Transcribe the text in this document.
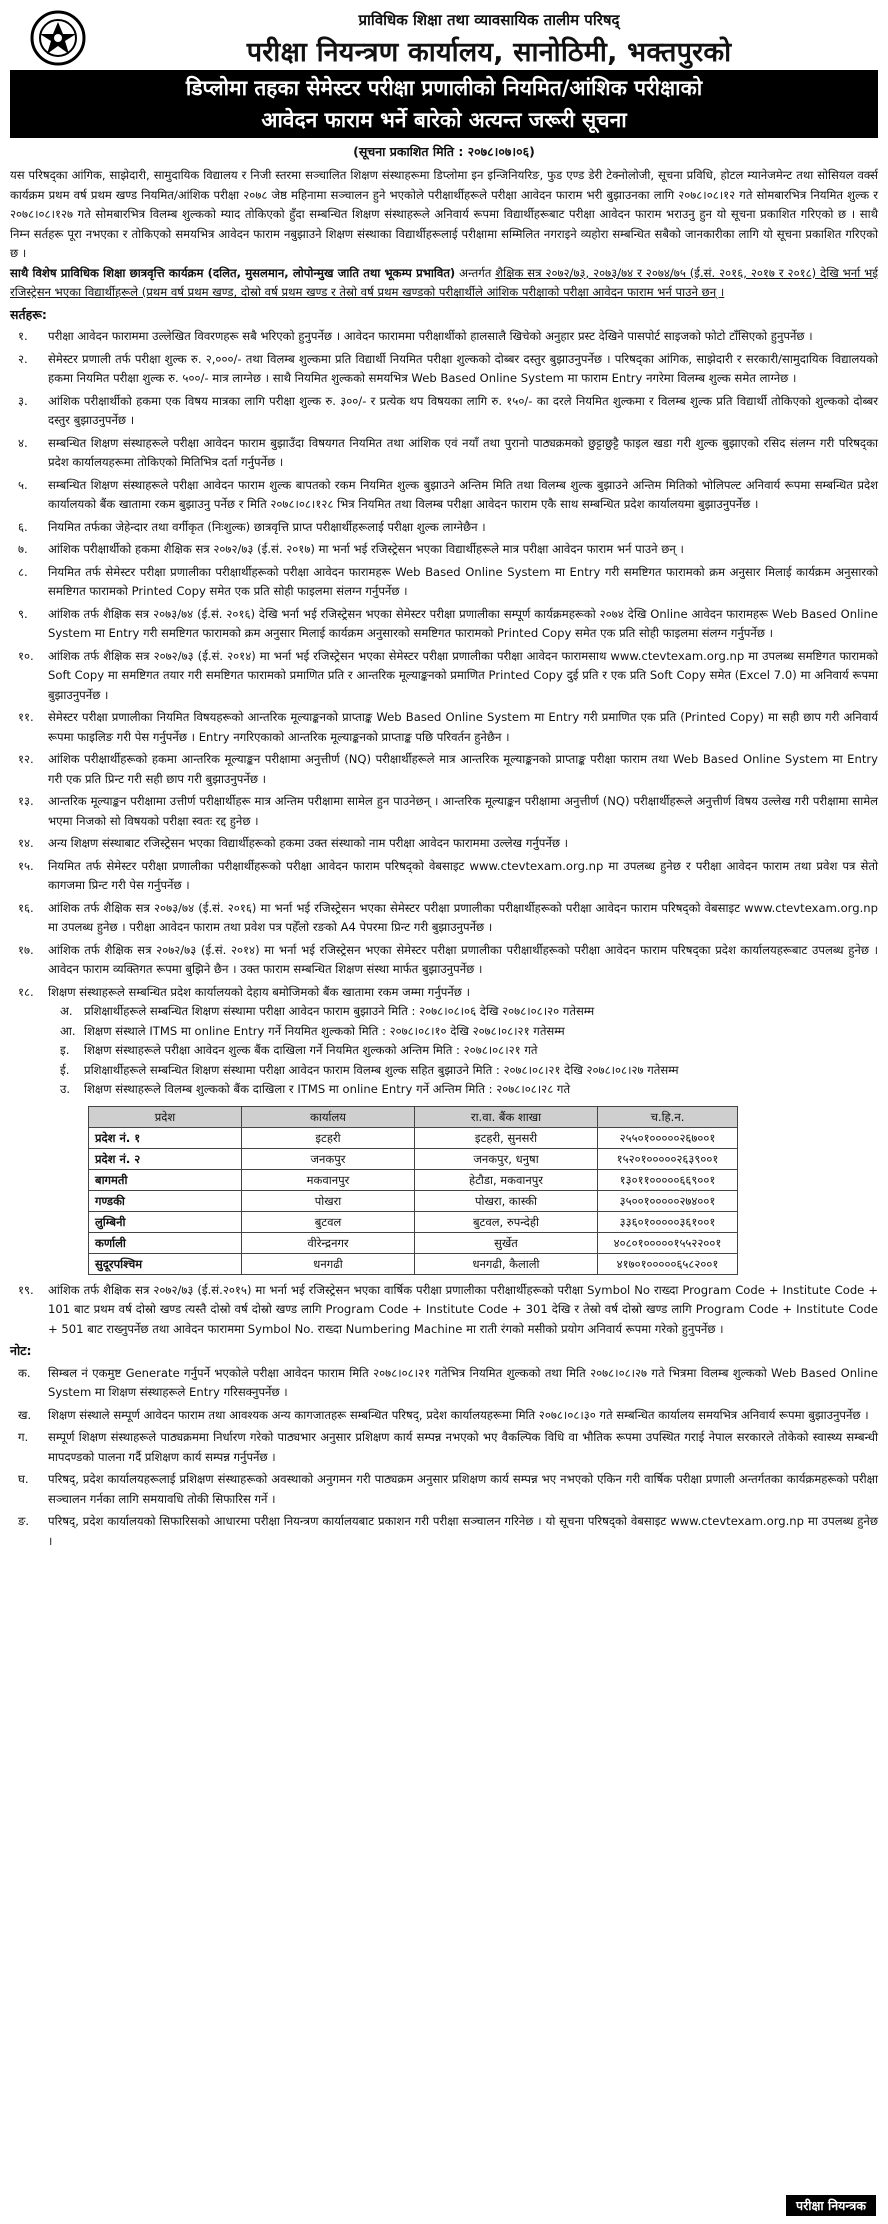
प्राविधिक शिक्षा तथा व्यावसायिक तालीम परिषद्
परीक्षा नियन्त्रण कार्यालय, सानोठिमी, भक्तपुरको
डिप्लोमा तहका सेमेस्टर परीक्षा प्रणालीको नियमित/आंशिक परीक्षाको
आवेदन फाराम भर्ने बारेको अत्यन्त जरूरी सूचना
(सूचना प्रकाशित मिति : २०७८।०७।०६)
यस परिषद्का आंगिक, साझेदारी, सामुदायिक विद्यालय र निजी स्तरमा सञ्चालित शिक्षण संस्थाहरूमा डिप्लोमा इन इन्जिनियरिङ, फुड एण्ड डेरी टेक्नोलोजी, सूचना प्रविधि, होटल म्यानेजमेन्ट तथा सोसियल वर्क्स कार्यक्रम प्रथम वर्ष प्रथम खण्ड नियमित/आंशिक परीक्षा २०७८ जेष्ठ महिनामा सञ्चालन हुने भएकोले परीक्षार्थीहरूले परीक्षा आवेदन फाराम भरी बुझाउनका लागि २०७८।०८।१२ गते सोमबारभित्र नियमित शुल्क र २०७८।०८।१२७ गते सोमबारभित्र विलम्ब शुल्कको म्याद तोकिएको हुँदा सम्बन्धित शिक्षण संस्थाहरूले अनिवार्य रूपमा विद्यार्थीहरूबाट परीक्षा आवेदन फाराम भराउनु हुन यो सूचना प्रकाशित गरिएको छ । साथै निम्न सर्तहरू पूरा नभएका र तोकिएको समयभित्र आवेदन फाराम नबुझाउने शिक्षण संस्थाका विद्यार्थीहरूलाई परीक्षामा सम्मिलित नगराइने व्यहोरा सम्बन्धित सबैको जानकारीका लागि यो सूचना प्रकाशित गरिएको छ ।
साथै विशेष प्राविधिक शिक्षा छात्रवृत्ति कार्यक्रम (दलित, मुसलमान, लोपोन्मुख जाति तथा भूकम्प प्रभावित) अन्तर्गत शैक्षिक सत्र २०७२/७३, २०७३/७४ र २०७४/७५ (ई.सं. २०१६, २०१७ र २०१८) देखि भर्ना भई रजिस्ट्रेसन भएका विद्यार्थीहरूले (प्रथम वर्ष प्रथम खण्ड, दोस्रो वर्ष प्रथम खण्ड र तेस्रो वर्ष प्रथम खण्डको परीक्षार्थीले आंशिक परीक्षाको परीक्षा आवेदन फाराम भर्न पाउने छन् ।
सर्तहरू:
१.	परीक्षा आवेदन फाराममा उल्लेखित विवरणहरू सबै भरिएको हुनुपर्नेछ । आवेदन फाराममा परीक्षार्थीको हालसालै खिचेको अनुहार प्रस्ट देखिने पासपोर्ट साइजको फोटो टाँसिएको हुनुपर्नेछ ।
२.	सेमेस्टर प्रणाली तर्फ परीक्षा शुल्क रु. २,०००/- तथा विलम्ब शुल्कमा प्रति विद्यार्थी नियमित परीक्षा शुल्कको दोब्बर दस्तुर बुझाउनुपर्नेछ । परिषद्का आंगिक, साझेदारी र सरकारी/सामुदायिक विद्यालयको हकमा नियमित परीक्षा शुल्क रु. ५००/- मात्र लाग्नेछ । साथै नियमित शुल्कको समयभित्र Web Based Online System मा फाराम Entry नगरेमा विलम्ब शुल्क समेत लाग्नेछ ।
३.	आंशिक परीक्षार्थीको हकमा एक विषय मात्रका लागि परीक्षा शुल्क रु. ३००/- र प्रत्येक थप विषयका लागि रु. १५०/- का दरले नियमित शुल्कमा र विलम्ब शुल्क प्रति विद्यार्थी तोकिएको शुल्कको दोब्बर दस्तुर बुझाउनुपर्नेछ ।
४.	सम्बन्धित शिक्षण संस्थाहरूले परीक्षा आवेदन फाराम बुझाउँदा विषयगत नियमित तथा आंशिक एवं नयाँ तथा पुरानो पाठ्यक्रमको छुट्टाछुट्टै फाइल खडा गरी शुल्क बुझाएको रसिद संलग्न गरी परिषद्का प्रदेश कार्यालयहरूमा तोकिएको मितिभित्र दर्ता गर्नुपर्नेछ ।
५.	सम्बन्धित शिक्षण संस्थाहरूले परीक्षा आवेदन फाराम शुल्क बापतको रकम नियमित शुल्क बुझाउने अन्तिम मिति तथा विलम्ब शुल्क बुझाउने अन्तिम मितिको भोलिपल्ट अनिवार्य रूपमा सम्बन्धित प्रदेश कार्यालयको बैंक खातामा रकम बुझाउनु पर्नेछ र मिति २०७८।०८।१२८ भित्र नियमित तथा विलम्ब परीक्षा आवेदन फाराम एकै साथ सम्बन्धित प्रदेश कार्यालयमा बुझाउनुपर्नेछ ।
६.	नियमित तर्फका जेहेन्दार तथा वर्गीकृत (निःशुल्क) छात्रवृत्ति प्राप्त परीक्षार्थीहरूलाई परीक्षा शुल्क लाग्नेछैन ।
७.	आंशिक परीक्षार्थीको हकमा शैक्षिक सत्र २०७२/७३ (ई.सं. २०१७) मा भर्ना भई रजिस्ट्रेसन भएका विद्यार्थीहरूले मात्र परीक्षा आवेदन फाराम भर्न पाउने छन् ।
८.	नियमित तर्फ सेमेस्टर परीक्षा प्रणालीका परीक्षार्थीहरूको परीक्षा आवेदन फारामहरू Web Based Online System मा Entry गरी समष्टिगत फारामको क्रम अनुसार मिलाई कार्यक्रम अनुसारको समष्टिगत फारामको Printed Copy समेत एक प्रति सोही फाइलमा संलग्न गर्नुपर्नेछ ।
९.	आंशिक तर्फ शैक्षिक सत्र २०७३/७४ (ई.सं. २०१६) देखि भर्ना भई रजिस्ट्रेसन भएका सेमेस्टर परीक्षा प्रणालीका सम्पूर्ण कार्यक्रमहरूको २०७४ देखि Online आवेदन फारामहरू Web Based Online System मा Entry गरी समष्टिगत फारामको क्रम अनुसार मिलाई कार्यक्रम अनुसारको समष्टिगत फारामको Printed Copy समेत एक प्रति सोही फाइलमा संलग्न गर्नुपर्नेछ ।
१०.	आंशिक तर्फ शैक्षिक सत्र २०७२/७३ (ई.सं. २०१४) मा भर्ना भई रजिस्ट्रेसन भएका सेमेस्टर परीक्षा प्रणालीका परीक्षा आवेदन फारामसाथ www.ctevtexam.org.np मा उपलब्ध समष्टिगत फारामको Soft Copy मा समष्टिगत तयार गरी समष्टिगत फारामको प्रमाणित प्रति र आन्तरिक मूल्याङ्कनको प्रमाणित Printed Copy दुई प्रति र एक प्रति Soft Copy समेत (Excel 7.0) मा अनिवार्य रूपमा बुझाउनुपर्नेछ ।
११.	सेमेस्टर परीक्षा प्रणालीका नियमित विषयहरूको आन्तरिक मूल्याङ्कनको प्राप्ताङ्क Web Based Online System मा Entry गरी प्रमाणित एक प्रति (Printed Copy) मा सही छाप गरी अनिवार्य रूपमा फाइलिङ गरी पेस गर्नुपर्नेछ । Entry नगरिएकाको आन्तरिक मूल्याङ्कनको प्राप्ताङ्क पछि परिवर्तन हुनेछैन ।
१२.	आंशिक परीक्षार्थीहरूको हकमा आन्तरिक मूल्याङ्कन परीक्षामा अनुत्तीर्ण (NQ) परीक्षार्थीहरूले मात्र आन्तरिक मूल्याङ्कनको प्राप्ताङ्क परीक्षा फाराम तथा Web Based Online System मा Entry गरी एक प्रति प्रिन्ट गरी सही छाप गरी बुझाउनुपर्नेछ ।
१३.	आन्तरिक मूल्याङ्कन परीक्षामा उत्तीर्ण परीक्षार्थीहरू मात्र अन्तिम परीक्षामा सामेल हुन पाउनेछन् । आन्तरिक मूल्याङ्कन परीक्षामा अनुत्तीर्ण (NQ) परीक्षार्थीहरूले अनुत्तीर्ण विषय उल्लेख गरी परीक्षामा सामेल भएमा निजको सो विषयको परीक्षा स्वतः रद्द हुनेछ ।
१४.	अन्य शिक्षण संस्थाबाट रजिस्ट्रेसन भएका विद्यार्थीहरूको हकमा उक्त संस्थाको नाम परीक्षा आवेदन फाराममा उल्लेख गर्नुपर्नेछ ।
१५.	नियमित तर्फ सेमेस्टर परीक्षा प्रणालीका परीक्षार्थीहरूको परीक्षा आवेदन फाराम परिषद्को वेबसाइट www.ctevtexam.org.np मा उपलब्ध हुनेछ र परीक्षा आवेदन फाराम तथा प्रवेश पत्र सेतो कागजमा प्रिन्ट गरी पेस गर्नुपर्नेछ ।
१६.	आंशिक तर्फ शैक्षिक सत्र २०७३/७४ (ई.सं. २०१६) मा भर्ना भई रजिस्ट्रेसन भएका सेमेस्टर परीक्षा प्रणालीका परीक्षार्थीहरूको परीक्षा आवेदन फाराम परिषद्को वेबसाइट www.ctevtexam.org.np मा उपलब्ध हुनेछ । परीक्षा आवेदन फाराम तथा प्रवेश पत्र पहेँलो रङको A4 पेपरमा प्रिन्ट गरी बुझाउनुपर्नेछ ।
१७.	आंशिक तर्फ शैक्षिक सत्र २०७२/७३ (ई.सं. २०१४) मा भर्ना भई रजिस्ट्रेसन भएका सेमेस्टर परीक्षा प्रणालीका परीक्षार्थीहरूको परीक्षा आवेदन फाराम परिषद्का प्रदेश कार्यालयहरूबाट उपलब्ध हुनेछ । आवेदन फाराम व्यक्तिगत रूपमा बुझिने छैन । उक्त फाराम सम्बन्धित शिक्षण संस्था मार्फत बुझाउनुपर्नेछ ।
१८.	शिक्षण संस्थाहरूले सम्बन्धित प्रदेश कार्यालयको देहाय बमोजिमको बैंक खातामा रकम जम्मा गर्नुपर्नेछ ।
अ. प्रशिक्षार्थीहरूले सम्बन्धित शिक्षण संस्थामा परीक्षा आवेदन फाराम बुझाउने मिति : २०७८।०८।०६ देखि २०७८।०८।२० गतेसम्म
आ. शिक्षण संस्थाले ITMS मा online Entry गर्ने नियमित शुल्कको मिति : २०७८।०८।१० देखि २०७८।०८।२१ गतेसम्म
इ.	शिक्षण संस्थाहरूले परीक्षा आवेदन शुल्क बैंक दाखिला गर्ने नियमित शुल्कको अन्तिम मिति : २०७८।०८।२१ गते
ई.	प्रशिक्षार्थीहरूले सम्बन्धित शिक्षण संस्थामा परीक्षा आवेदन फाराम विलम्ब शुल्क सहित बुझाउने मिति : २०७८।०८।२१ देखि २०७८।०८।२७ गतेसम्म
उ.	शिक्षण संस्थाहरूले विलम्ब शुल्कको बैंक दाखिला र ITMS मा online Entry गर्ने अन्तिम मिति : २०७८।०८।२८ गते
प्रदेश	कार्यालय	रा.वा. बैंक शाखा	च.हि.न.
प्रदेश नं. १	इटहरी	इटहरी, सुनसरी	२५५०१०००००२६७००१
प्रदेश नं. २	जनकपुर	जनकपुर, धनुषा	१५२०१०००००२६३९००१
बागमती	मकवानपुर	हेटौडा, मकवानपुर	१३०११०००००६६९००१
गण्डकी	पोखरा	पोखरा, कास्की	३५००१०००००२७४००१
लुम्बिनी	बुटवल	बुटवल, रुपन्देही	३३६०१०००००३६१००१
कर्णाली	वीरेन्द्रनगर	सुर्खेत	४०८०१०००००१५५२२००१
सुदूरपश्चिम	धनगढी	धनगढी, कैलाली	४१७०१०००००६५८२००१
१९.	आंशिक तर्फ शैक्षिक सत्र २०७२/७३ (ई.सं.२०१५) मा भर्ना भई रजिस्ट्रेसन भएका वार्षिक परीक्षा प्रणालीका परीक्षार्थीहरूको परीक्षा Symbol No राख्दा Program Code + Institute Code + 101 बाट प्रथम वर्ष दोस्रो खण्ड त्यस्तै दोस्रो वर्ष दोस्रो खण्ड लागि Program Code + Institute Code + 301 देखि र तेस्रो वर्ष दोस्रो खण्ड लागि Program Code + Institute Code + 501 बाट राख्नुपर्नेछ तथा आवेदन फाराममा Symbol No. राख्दा Numbering Machine मा राती रंगको मसीको प्रयोग अनिवार्य रूपमा गरेको हुनुपर्नेछ ।
नोट:
क.	सिम्बल नं एकमुष्ट Generate गर्नुपर्ने भएकोले परीक्षा आवेदन फाराम मिति २०७८।०८।२१ गतेभित्र नियमित शुल्कको तथा मिति २०७८।०८।२७ गते भित्रमा विलम्ब शुल्कको Web Based Online System मा शिक्षण संस्थाहरूले Entry गरिसक्नुपर्नेछ ।
ख.	शिक्षण संस्थाले सम्पूर्ण आवेदन फाराम तथा आवश्यक अन्य कागजातहरू सम्बन्धित परिषद्, प्रदेश कार्यालयहरूमा मिति २०७८।०८।३० गते सम्बन्धित कार्यालय समयभित्र अनिवार्य रूपमा बुझाउनुपर्नेछ ।
ग.	सम्पूर्ण शिक्षण संस्थाहरूले पाठ्यक्रममा निर्धारण गरेको पाठ्यभार अनुसार प्रशिक्षण कार्य सम्पन्न नभएको भए वैकल्पिक विधि वा भौतिक रूपमा उपस्थित गराई नेपाल सरकारले तोकेको स्वास्थ्य सम्बन्धी मापदण्डको पालना गर्दै प्रशिक्षण कार्य सम्पन्न गर्नुपर्नेछ ।
घ.	परिषद्, प्रदेश कार्यालयहरूलाई प्रशिक्षण संस्थाहरूको अवस्थाको अनुगमन गरी पाठ्यक्रम अनुसार प्रशिक्षण कार्य सम्पन्न भए नभएको एकिन गरी वार्षिक परीक्षा प्रणाली अन्तर्गतका कार्यक्रमहरूको परीक्षा सञ्चालन गर्नका लागि समयावधि तोकी सिफारिस गर्ने ।
ङ.	परिषद्, प्रदेश कार्यालयको सिफारिसको आधारमा परीक्षा नियन्त्रण कार्यालयबाट प्रकाशन गरी परीक्षा सञ्चालन गरिनेछ । यो सूचना परिषद्को वेबसाइट www.ctevtexam.org.np मा उपलब्ध हुनेछ ।
परीक्षा नियन्त्रक
